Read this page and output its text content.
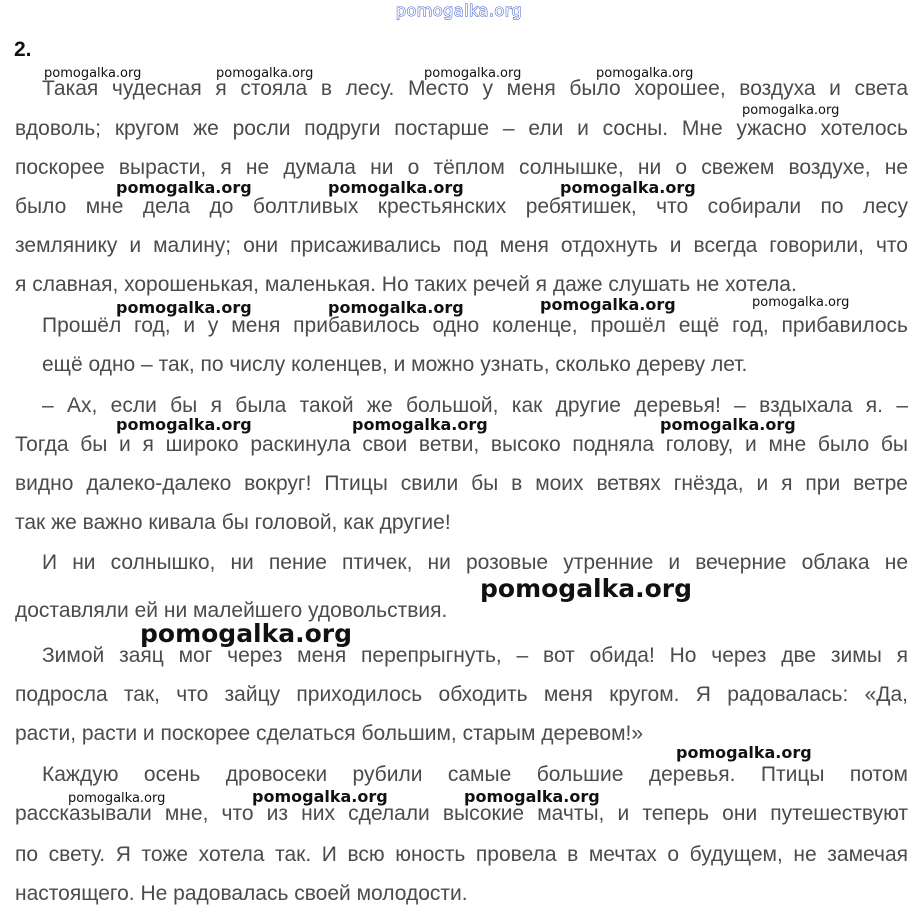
pomogalka.org
2.
Такая чудесная я стояла в лесу. Место у меня было хорошее, воздуха и света
вдоволь; кругом же росли подруги постарше – ели и сосны. Мне ужасно хотелось
поскорее вырасти, я не думала ни о тёплом солнышке, ни о свежем воздухе, не
было мне дела до болтливых крестьянских ребятишек, что собирали по лесу
землянику и малину; они присаживались под меня отдохнуть и всегда говорили, что
я славная, хорошенькая, маленькая. Но таких речей я даже слушать не хотела.
Прошёл год, и у меня прибавилось одно коленце, прошёл ещё год, прибавилось
ещё одно – так, по числу коленцев, и можно узнать, сколько дереву лет.
– Ах, если бы я была такой же большой, как другие деревья! – вздыхала я. –
Тогда бы и я широко раскинула свои ветви, высоко подняла голову, и мне было бы
видно далеко-далеко вокруг! Птицы свили бы в моих ветвях гнёзда, и я при ветре
так же важно кивала бы головой, как другие!
И ни солнышко, ни пение птичек, ни розовые утренние и вечерние облака не
доставляли ей ни малейшего удовольствия.
Зимой заяц мог через меня перепрыгнуть, – вот обида! Но через две зимы я
подросла так, что зайцу приходилось обходить меня кругом. Я радовалась: «Да,
расти, расти и поскорее сделаться большим, старым деревом!»
Каждую осень дровосеки рубили самые большие деревья. Птицы потом
рассказывали мне, что из них сделали высокие мачты, и теперь они путешествуют
по свету. Я тоже хотела так. И всю юность провела в мечтах о будущем, не замечая
настоящего. Не радовалась своей молодости.
pomogalka.org	pomogalka.org	pomogalka.org	pomogalka.org
pomogalka.org
pomogalka.org	pomogalka.org	pomogalka.org
pomogalka.org	pomogalka.org	pomogalka.org	pomogalka.org
pomogalka.org	pomogalka.org	pomogalka.org
pomogalka.org
pomogalka.org
pomogalka.org
pomogalka.org	pomogalka.org	pomogalka.org
